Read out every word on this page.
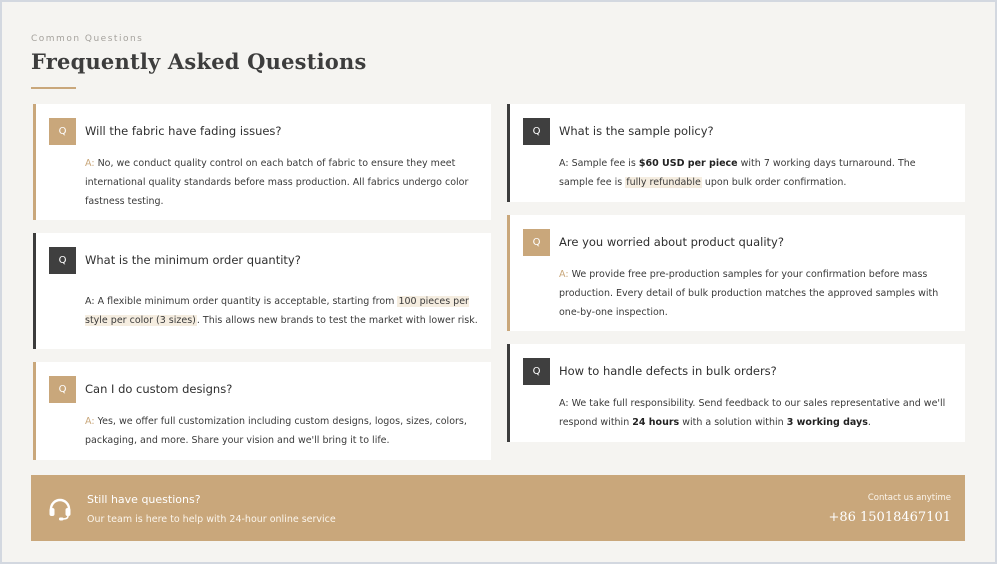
Common Questions
Frequently Asked Questions
Q	Will the fabric have fading issues?
A: No, we conduct quality control on each batch of fabric to ensure they meet international quality standards before mass production. All fabrics undergo color fastness testing.
Q	What is the minimum order quantity?
A: A flexible minimum order quantity is acceptable, starting from 100 pieces per style per color (3 sizes). This allows new brands to test the market with lower risk.
Q	Can I do custom designs?
A: Yes, we offer full customization including custom designs, logos, sizes, colors, packaging, and more. Share your vision and we'll bring it to life.
Q	What is the sample policy?
A: Sample fee is $60 USD per piece with 7 working days turnaround. The sample fee is fully refundable upon bulk order confirmation.
Q	Are you worried about product quality?
A: We provide free pre-production samples for your confirmation before mass production. Every detail of bulk production matches the approved samples with one-by-one inspection.
Q	How to handle defects in bulk orders?
A: We take full responsibility. Send feedback to our sales representative and we'll respond within 24 hours with a solution within 3 working days.
Still have questions?
Our team is here to help with 24-hour online service
Contact us anytime
+86 15018467101
